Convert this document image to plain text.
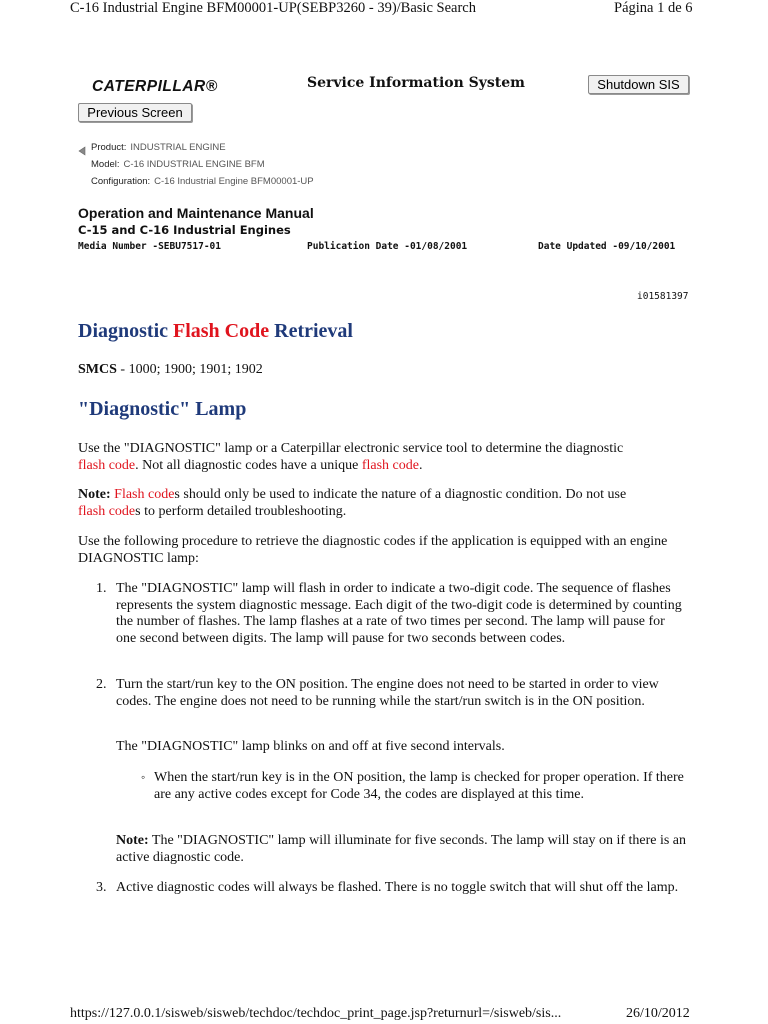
C-16 Industrial Engine BFM00001-UP(SEBP3260 - 39)/Basic Search	Página 1 de 6
CATERPILLAR®	Service Information System	Shutdown SIS
Previous Screen
Product: INDUSTRIAL ENGINE
Model: C-16 INDUSTRIAL ENGINE BFM
Configuration: C-16 Industrial Engine BFM00001-UP
Operation and Maintenance Manual
C-15 and C-16 Industrial Engines
Media Number -SEBU7517-01	Publication Date -01/08/2001	Date Updated -09/10/2001
i01581397
Diagnostic Flash Code Retrieval
SMCS - 1000; 1900; 1901; 1902
"Diagnostic" Lamp
Use the "DIAGNOSTIC" lamp or a Caterpillar electronic service tool to determine the diagnostic
flash code. Not all diagnostic codes have a unique flash code.
Note: Flash codes should only be used to indicate the nature of a diagnostic condition. Do not use
flash codes to perform detailed troubleshooting.
Use the following procedure to retrieve the diagnostic codes if the application is equipped with an engine DIAGNOSTIC lamp:
1. The "DIAGNOSTIC" lamp will flash in order to indicate a two-digit code. The sequence of flashes represents the system diagnostic message. Each digit of the two-digit code is determined by counting the number of flashes. The lamp flashes at a rate of two times per second. The lamp will pause for one second between digits. The lamp will pause for two seconds between codes.
2. Turn the start/run key to the ON position. The engine does not need to be started in order to view codes. The engine does not need to be running while the start/run switch is in the ON position.
The "DIAGNOSTIC" lamp blinks on and off at five second intervals.
◦ When the start/run key is in the ON position, the lamp is checked for proper operation. If there are any active codes except for Code 34, the codes are displayed at this time.
Note: The "DIAGNOSTIC" lamp will illuminate for five seconds. The lamp will stay on if there is an active diagnostic code.
3. Active diagnostic codes will always be flashed. There is no toggle switch that will shut off the lamp.
https://127.0.0.1/sisweb/sisweb/techdoc/techdoc_print_page.jsp?returnurl=/sisweb/sis...	26/10/2012
